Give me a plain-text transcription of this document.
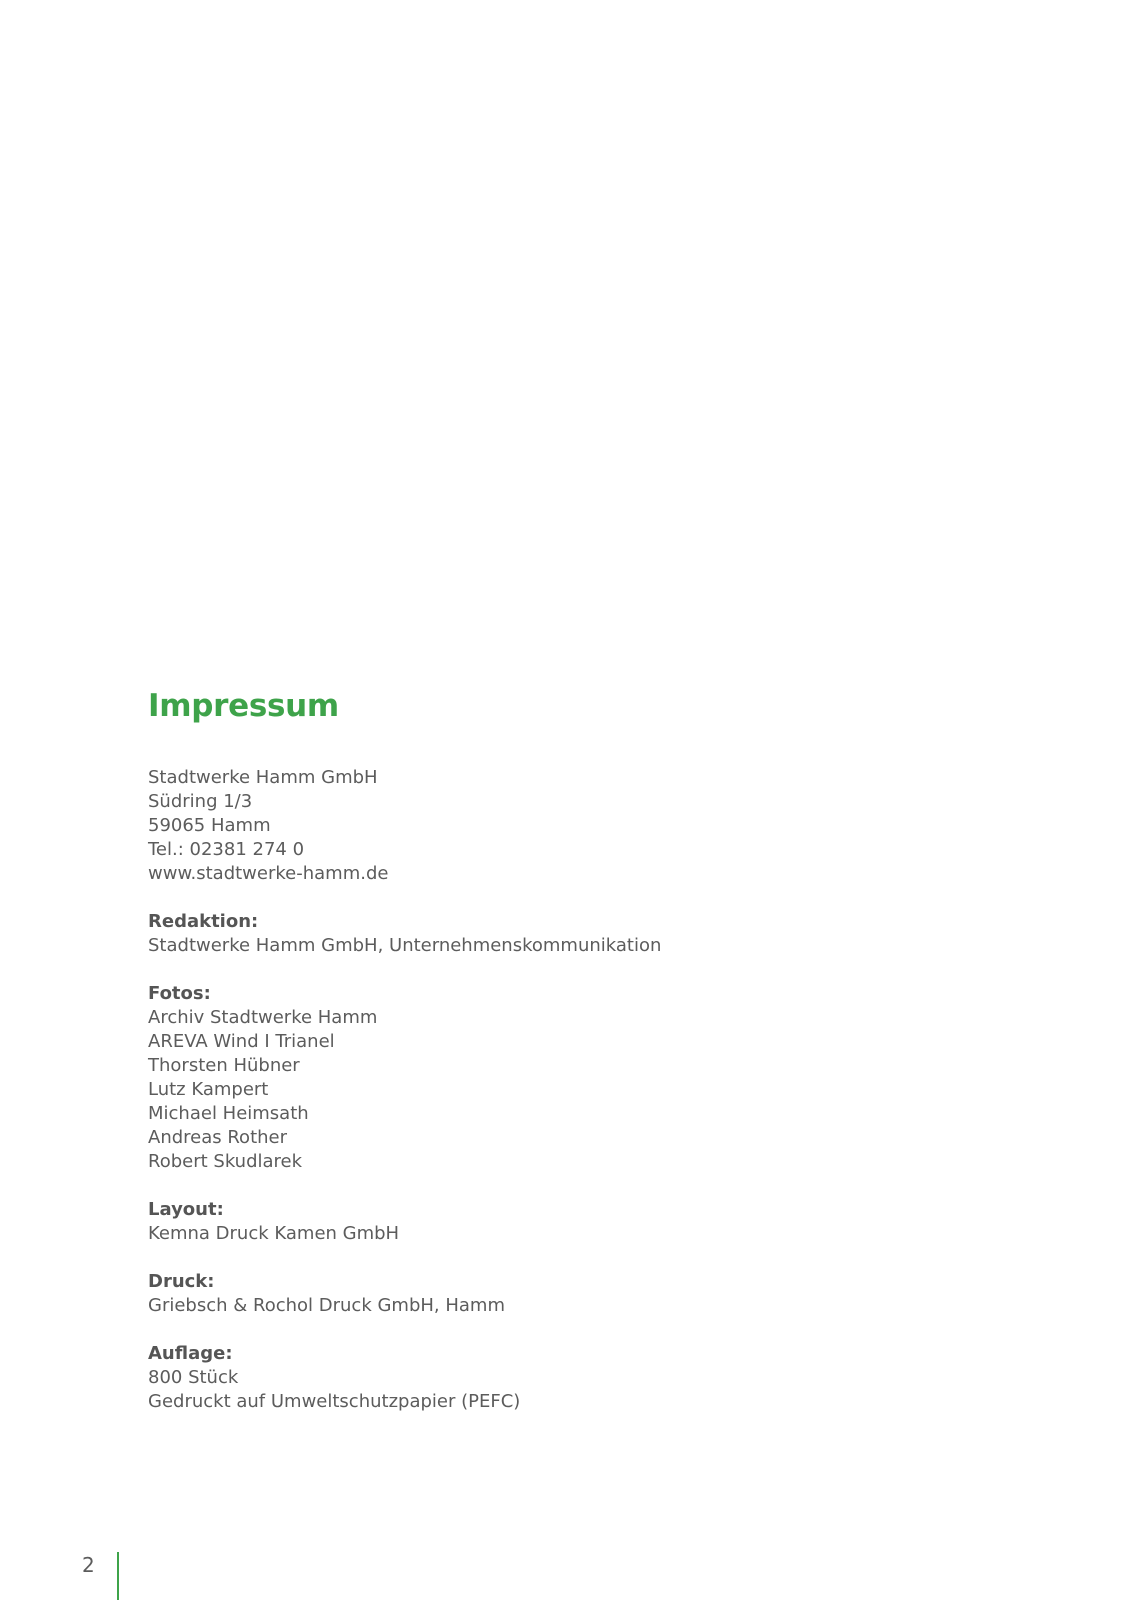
Impressum
Stadtwerke Hamm GmbH
Südring 1/3
59065 Hamm
Tel.: 02381 274 0
www.stadtwerke-hamm.de
Redaktion:
Stadtwerke Hamm GmbH, Unternehmenskommunikation
Fotos:
Archiv Stadtwerke Hamm
AREVA Wind I Trianel
Thorsten Hübner
Lutz Kampert
Michael Heimsath
Andreas Rother
Robert Skudlarek
Layout:
Kemna Druck Kamen GmbH
Druck:
Griebsch & Rochol Druck GmbH, Hamm
Auflage:
800 Stück
Gedruckt auf Umweltschutzpapier (PEFC)
2
